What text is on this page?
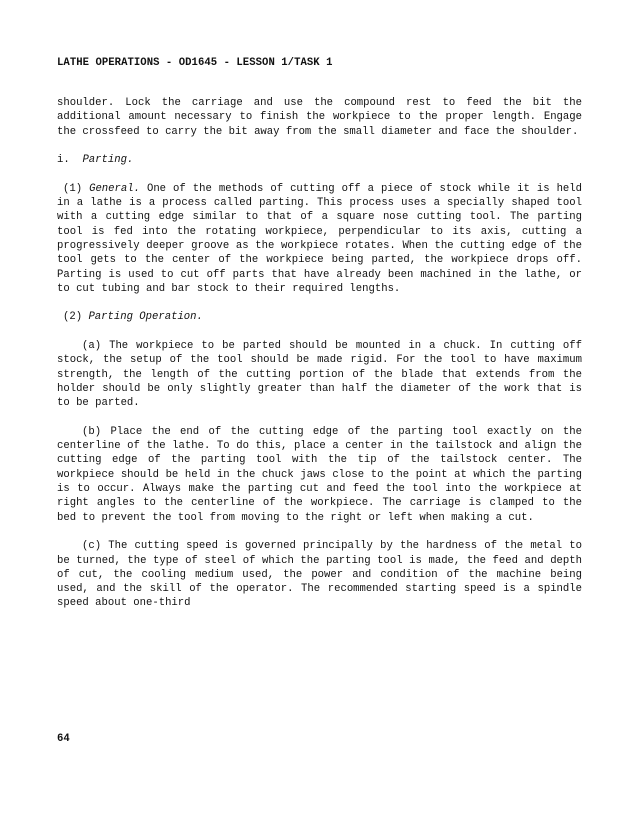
LATHE OPERATIONS - OD1645 - LESSON 1/TASK 1

shoulder. Lock the carriage and use the compound rest to feed the bit the additional amount necessary to finish the workpiece to the proper length. Engage the crossfeed to carry the bit away from the small diameter and face the shoulder.

i.  Parting.

(1) General. One of the methods of cutting off a piece of stock while it is held in a lathe is a process called parting. This process uses a specially shaped tool with a cutting edge similar to that of a square nose cutting tool. The parting tool is fed into the rotating workpiece, perpendicular to its axis, cutting a progressively deeper groove as the workpiece rotates. When the cutting edge of the tool gets to the center of the workpiece being parted, the workpiece drops off. Parting is used to cut off parts that have already been machined in the lathe, or to cut tubing and bar stock to their required lengths.

(2) Parting Operation.

(a) The workpiece to be parted should be mounted in a chuck. In cutting off stock, the setup of the tool should be made rigid. For the tool to have maximum strength, the length of the cutting portion of the blade that extends from the holder should be only slightly greater than half the diameter of the work that is to be parted.

(b) Place the end of the cutting edge of the parting tool exactly on the centerline of the lathe. To do this, place a center in the tailstock and align the cutting edge of the parting tool with the tip of the tailstock center. The workpiece should be held in the chuck jaws close to the point at which the parting is to occur. Always make the parting cut and feed the tool into the workpiece at right angles to the centerline of the workpiece. The carriage is clamped to the bed to prevent the tool from moving to the right or left when making a cut.

(c) The cutting speed is governed principally by the hardness of the metal to be turned, the type of steel of which the parting tool is made, the feed and depth of cut, the cooling medium used, the power and condition of the machine being used, and the skill of the operator. The recommended starting speed is a spindle speed about one-third

64
